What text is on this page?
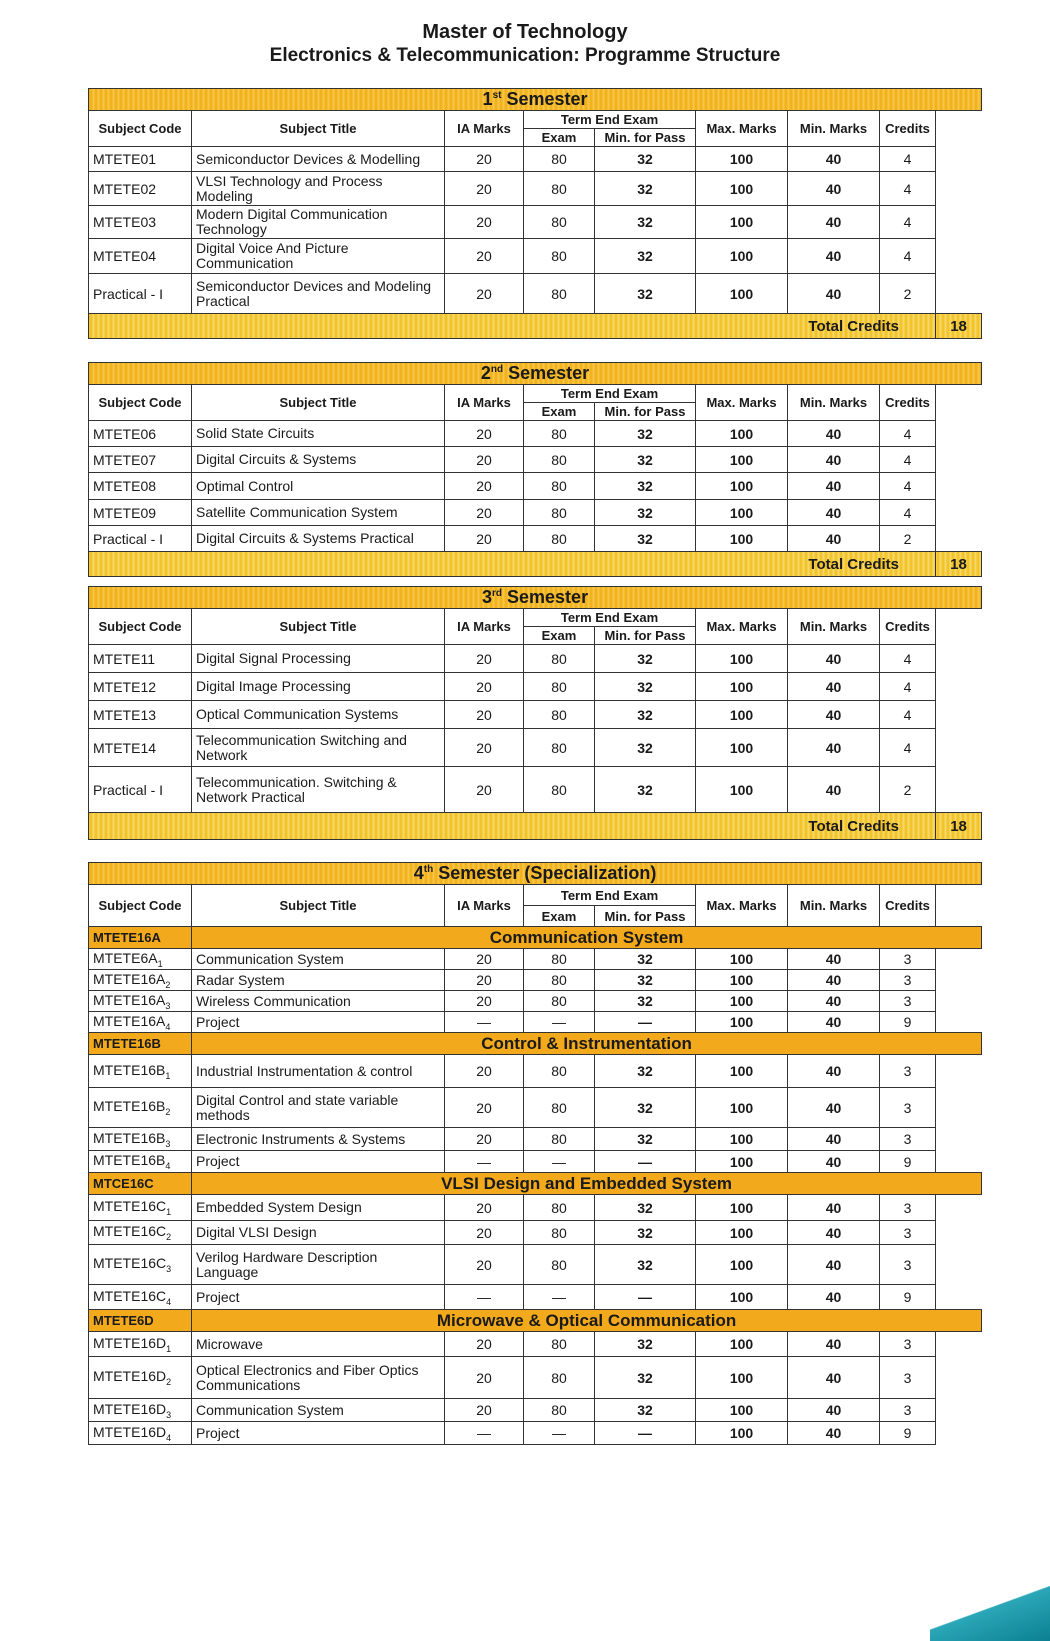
Master of Technology
Electronics & Telecommunication: Programme Structure
1st Semester								
Subject Code	Subject Title	IA Marks	Term End Exam		Max. Marks	Min. Marks	Credits	
			Exam	Min. for Pass				
MTETE01	Semiconductor Devices & Modelling	20	80	32	100	40	4	
MTETE02	VLSI Technology and Process Modeling	20	80	32	100	40	4	
MTETE03	Modern Digital Communication Technology	20	80	32	100	40	4	
MTETE04	Digital Voice And Picture Communication	20	80	32	100	40	4	
Practical - I	Semiconductor Devices and Modeling Practical	20	80	32	100	40	2	
Total Credits								18
2nd Semester								
Subject Code	Subject Title	IA Marks	Term End Exam		Max. Marks	Min. Marks	Credits	
			Exam	Min. for Pass				
MTETE06	Solid State Circuits	20	80	32	100	40	4	
MTETE07	Digital Circuits & Systems	20	80	32	100	40	4	
MTETE08	Optimal Control	20	80	32	100	40	4	
MTETE09	Satellite Communication System	20	80	32	100	40	4	
Practical - I	Digital Circuits & Systems Practical	20	80	32	100	40	2	
Total Credits								18
3rd Semester								
Subject Code	Subject Title	IA Marks	Term End Exam		Max. Marks	Min. Marks	Credits	
			Exam	Min. for Pass				
MTETE11	Digital Signal Processing	20	80	32	100	40	4	
MTETE12	Digital Image Processing	20	80	32	100	40	4	
MTETE13	Optical Communication Systems	20	80	32	100	40	4	
MTETE14	Telecommunication Switching and Network	20	80	32	100	40	4	
Practical - I	Telecommunication. Switching & Network Practical	20	80	32	100	40	2	
Total Credits								18
4th Semester (Specialization)							
Subject Code	Subject Title	IA Marks	Term End Exam		Max. Marks	Min. Marks	Credits
			Exam	Min. for Pass			
MTETE16A	Communication System						
$MTETE6A_1$	Communication System	20	80	32	100	40	3
$MTETE16A_2$	Radar System	20	80	32	100	40	3
$MTETE16A_3$	Wireless Communication	20	80	32	100	40	3
$MTETE16A_4$	Project	—	—	—	100	40	9
MTETE16B	Control & Instrumentation						
$MTETE16B_1$	Industrial Instrumentation & control	20	80	32	100	40	3
$MTETE16B_2$	Digital Control and state variable methods	20	80	32	100	40	3
$MTETE16B_3$	Electronic Instruments & Systems	20	80	32	100	40	3
$MTETE16B_4$	Project	—	—	—	100	40	9
MTCE16C	VLSI Design and Embedded System						
$MTETE16C_1$	Embedded System Design	20	80	32	100	40	3
$MTETE16C_2$	Digital VLSI Design	20	80	32	100	40	3
$MTETE16C_3$	Verilog Hardware Description Language	20	80	32	100	40	3
$MTETE16C_4$	Project	—	—	—	100	40	9
MTETE6D	Microwave & Optical Communication						
$MTETE16D_1$	Microwave	20	80	32	100	40	3
$MTETE16D_2$	Optical Electronics and Fiber Optics Communications	20	80	32	100	40	3
$MTETE16D_3$	Communication System	20	80	32	100	40	3
$MTETE16D_4$	Project	—	—	—	100	40	9
